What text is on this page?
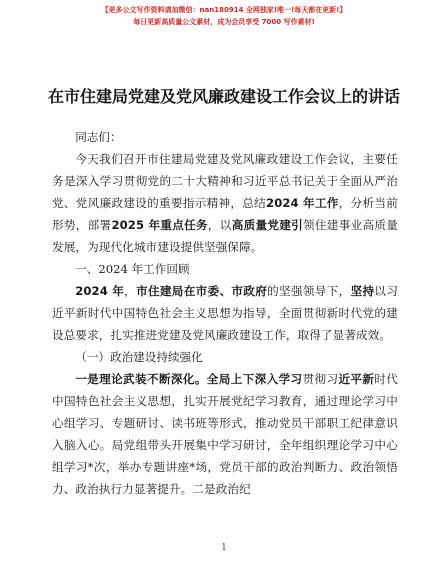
【更多公文写作资料请加微信：nan180914 全网独家!唯一!每天都在更新!】
每日更新高质量公文素材，成为会员享受 7000 写作素材!
在市住建局党建及党风廉政建设工作会议上的讲话

同志们：

今天我们召开市住建局党建及党风廉政建设工作会议，主要任务是深入学习贯彻党的二十大精神和习近平总书记关于全面从严治党、党风廉政建设的重要指示精神，总结2024 年工作，分析当前形势，部署2025 年重点任务，以高质量党建引领住建事业高质量发展，为现代化城市建设提供坚强保障。

一、2024 年工作回顾

2024 年，市住建局在市委、市政府的坚强领导下，坚持以习近平新时代中国特色社会主义思想为指导，全面贯彻新时代党的建设总要求，扎实推进党建及党风廉政建设工作，取得了显著成效。

（一）政治建设持续强化

一是理论武装不断深化。全局上下深入学习贯彻习近平新时代中国特色社会主义思想，扎实开展党纪学习教育，通过理论学习中心组学习、专题研讨、读书班等形式，推动党员干部职工纪律意识入脑入心。局党组带头开展集中学习研讨，全年组织理论学习中心组学习*次，举办专题讲座*场，党员干部的政治判断力、政治领悟力、政治执行力显著提升。二是政治纪

1
